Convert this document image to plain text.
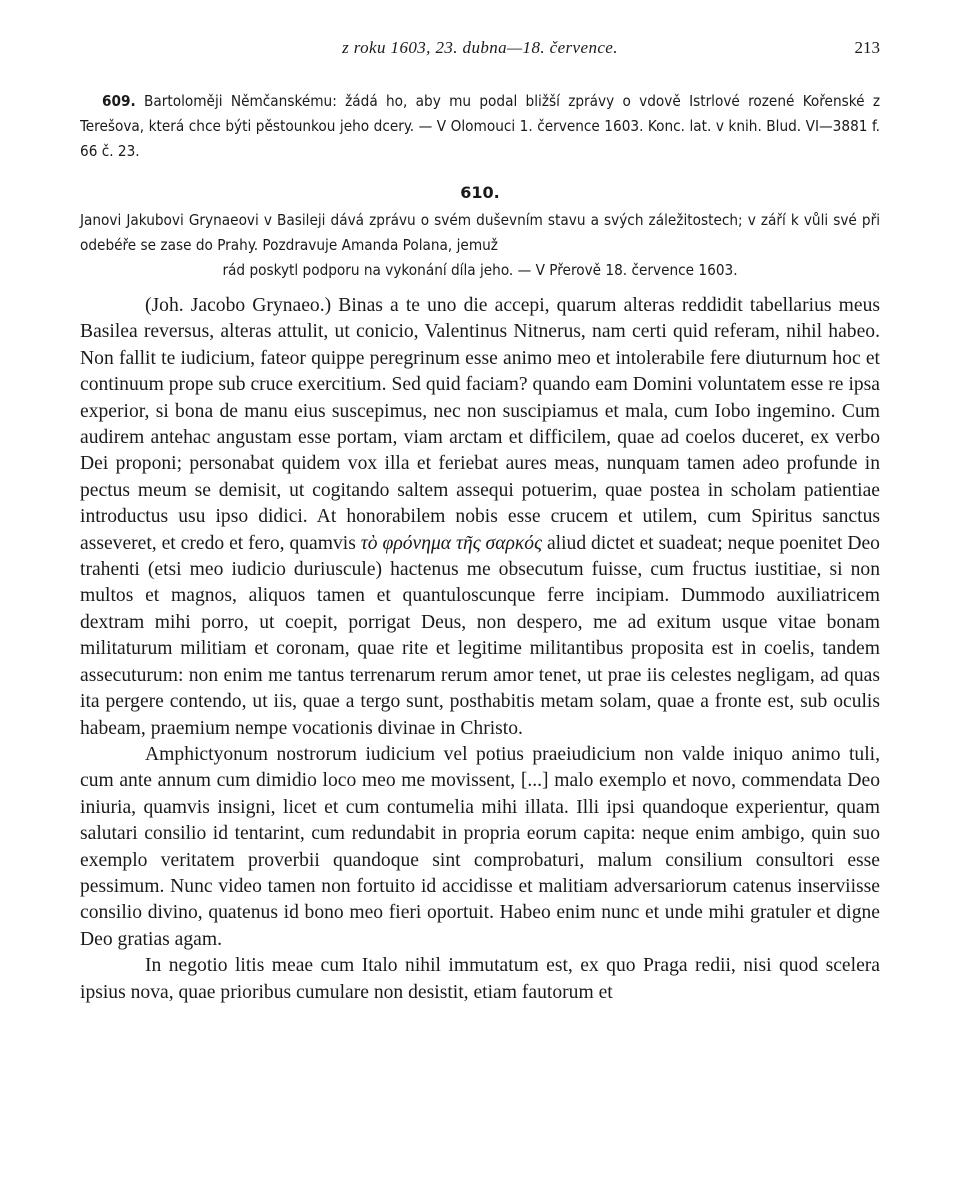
z roku 1603, 23. dubna—18. července.	213

609. Bartoloměji Němčanskému: žádá ho, aby mu podal bližší zprávy o vdově Istrlové rozené Kořenské z Terešova, která chce býti pěstounkou jeho dcery. — V Olomouci 1. července 1603. Konc. lat. v knih. Blud. VI—3881 f. 66 č. 23.

610.

Janovi Jakubovi Grynaeovi v Basileji dává zprávu o svém duševním stavu a svých záležitostech; v září k vůli své při odebéře se zase do Prahy. Pozdravuje Amanda Polana, jemuž
rád poskytl podporu na vykonání díla jeho. — V Přerově 18. července 1603.

(Joh. Jacobo Grynaeo.) Binas a te uno die accepi, quarum alteras reddidit tabellarius meus Basilea reversus, alteras attulit, ut conicio, Valentinus Nitnerus, nam certi quid referam, nihil habeo. Non fallit te iudicium, fateor quippe peregrinum esse animo meo et intolerabile fere diuturnum hoc et continuum prope sub cruce exercitium. Sed quid faciam? quando eam Domini voluntatem esse re ipsa experior, si bona de manu eius suscepimus, nec non suscipiamus et mala, cum Iobo ingemino. Cum audirem antehac angustam esse portam, viam arctam et difficilem, quae ad coelos duceret, ex verbo Dei proponi; personabat quidem vox illa et feriebat aures meas, nunquam tamen adeo profunde in pectus meum se demisit, ut cogitando saltem assequi potuerim, quae postea in scholam patientiae introductus usu ipso didici. At honorabilem nobis esse crucem et utilem, cum Spiritus sanctus asseveret, et credo et fero, quamvis τὸ φρόνημα τῆς σαρκός aliud dictet et suadeat; neque poenitet Deo trahenti (etsi meo iudicio duriuscule) hactenus me obsecutum fuisse, cum fructus iustitiae, si non multos et magnos, aliquos tamen et quantuloscunque ferre incipiam. Dummodo auxiliatricem dextram mihi porro, ut coepit, porrigat Deus, non despero, me ad exitum usque vitae bonam militaturum militiam et coronam, quae rite et legitime militantibus proposita est in coelis, tandem assecuturum: non enim me tantus terrenarum rerum amor tenet, ut prae iis celestes negligam, ad quas ita pergere contendo, ut iis, quae a tergo sunt, posthabitis metam solam, quae a fronte est, sub oculis habeam, praemium nempe vocationis divinae in Christo.

Amphictyonum nostrorum iudicium vel potius praeiudicium non valde iniquo animo tuli, cum ante annum cum dimidio loco meo me movissent, [...] malo exemplo et novo, commendata Deo iniuria, quamvis insigni, licet et cum contumelia mihi illata. Illi ipsi quandoque experientur, quam salutari consilio id tentarint, cum redundabit in propria eorum capita: neque enim ambigo, quin suo exemplo veritatem proverbii quandoque sint comprobaturi, malum consilium consultori esse pessimum. Nunc video tamen non fortuito id accidisse et malitiam adversariorum catenus inserviisse consilio divino, quatenus id bono meo fieri oportuit. Habeo enim nunc et unde mihi gratuler et digne Deo gratias agam.

In negotio litis meae cum Italo nihil immutatum est, ex quo Praga redii, nisi quod scelera ipsius nova, quae prioribus cumulare non desistit, etiam fautorum et
